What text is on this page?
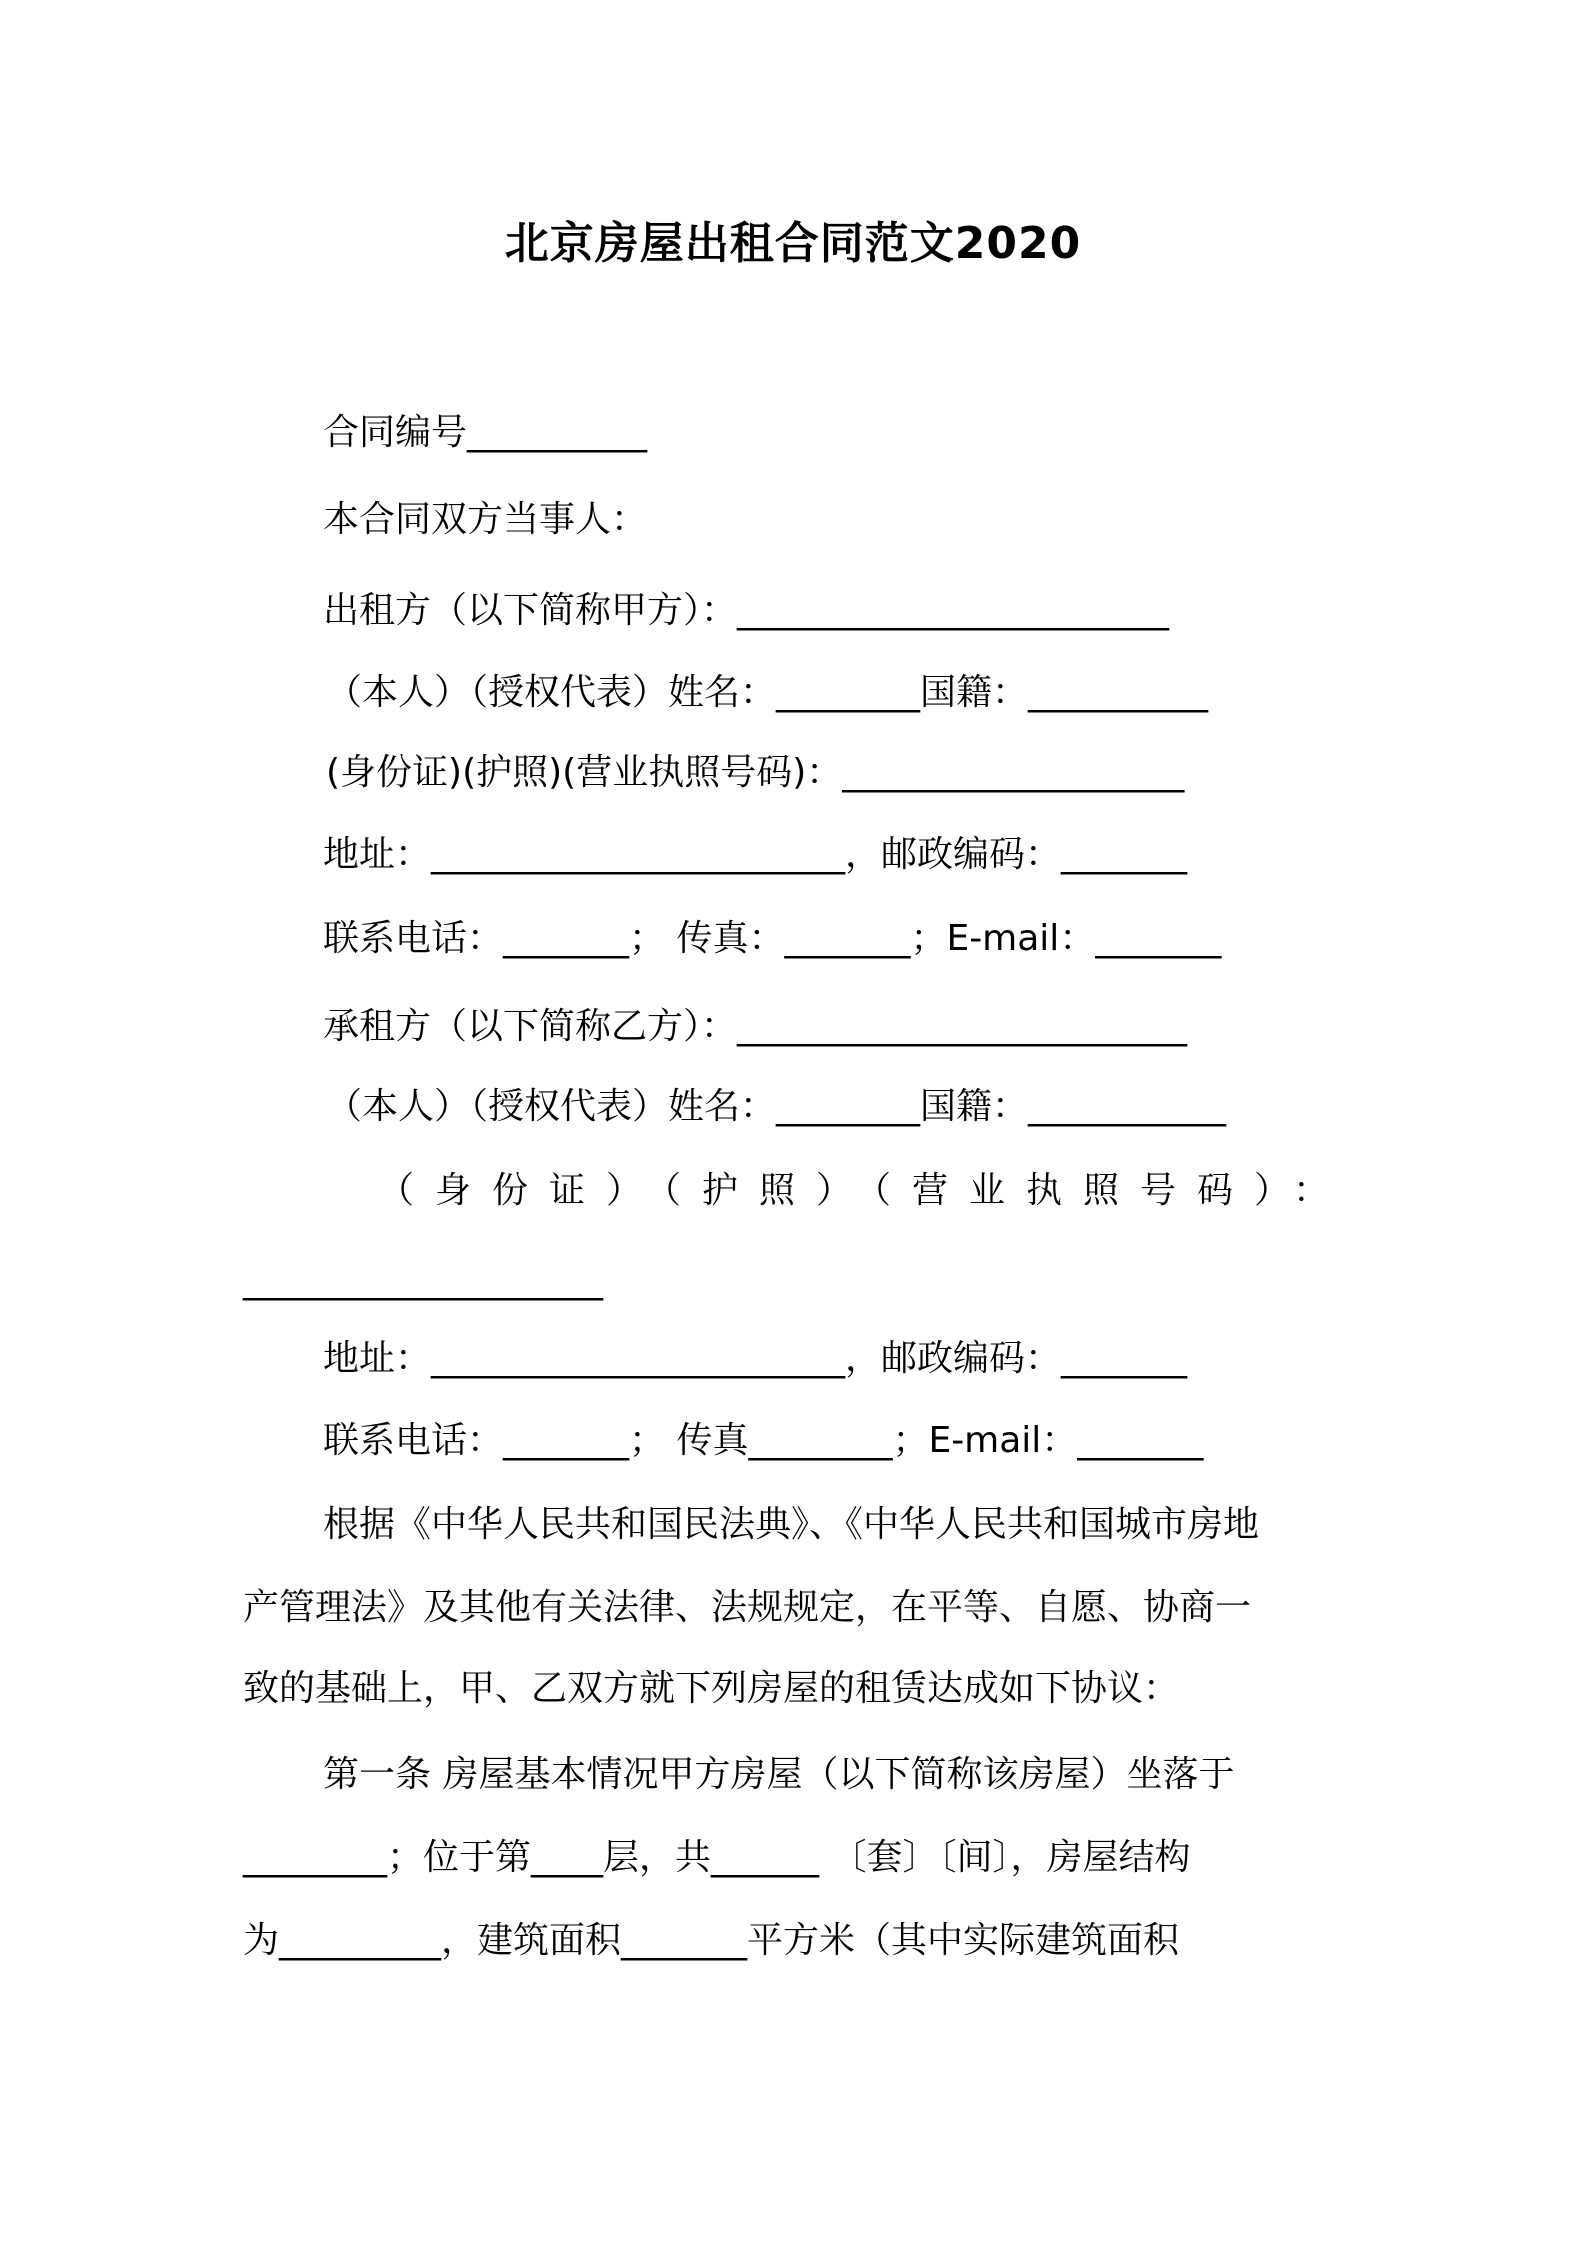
北京房屋出租合同范文2020
合同编号__________
本合同双方当事人：
出租方（以下简称甲方）：________________________
（本人）（授权代表）姓名：________国籍：__________
(身份证)(护照)(营业执照号码)：___________________
地址：_______________________，邮政编码：_______
联系电话：_______； 传真：_______；E-mail：_______
承租方（以下简称乙方）：_________________________
（本人）（授权代表）姓名：________国籍：___________
（身份证）（护照）（营业执照号码）：
____________________
地址：_______________________，邮政编码：_______
联系电话：_______； 传真________；E-mail：_______
根据《中华人民共和国民法典》、《中华人民共和国城市房地
产管理法》及其他有关法律、法规规定，在平等、自愿、协商一
致的基础上，甲、乙双方就下列房屋的租赁达成如下协议：
第一条 房屋基本情况甲方房屋（以下简称该房屋）坐落于
________；位于第____层，共______ 〔套〕〔间〕，房屋结构
为_________，建筑面积_______平方米（其中实际建筑面积
